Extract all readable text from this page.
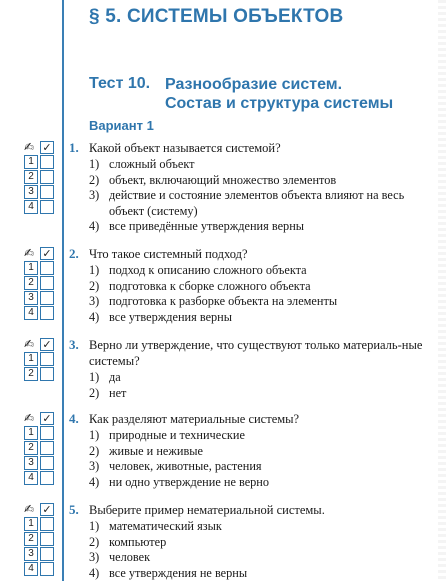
§ 5. СИСТЕМЫ ОБЪЕКТОВ
Тест 10. Разнообразие систем.
Состав и структура системы
Вариант 1
✍ ✓
1
2
3
4
1. Какой объект называется системой?
1) сложный объект
2) объект, включающий множество элементов
3) действие и состояние элементов объекта влияют на весь объект (систему)
4) все приведённые утверждения верны
✍ ✓
1
2
3
4
2. Что такое системный подход?
1) подход к описанию сложного объекта
2) подготовка к сборке сложного объекта
3) подготовка к разборке объекта на элементы
4) все утверждения верны
✍ ✓
1
2
3. Верно ли утверждение, что существуют только материаль-ные системы?
1) да
2) нет
✍ ✓
1
2
3
4
4. Как разделяют материальные системы?
1) природные и технические
2) живые и неживые
3) человек, животные, растения
4) ни одно утверждение не верно
✍ ✓
1
2
3
4
5. Выберите пример нематериальной системы.
1) математический язык
2) компьютер
3) человек
4) все утверждения не верны
